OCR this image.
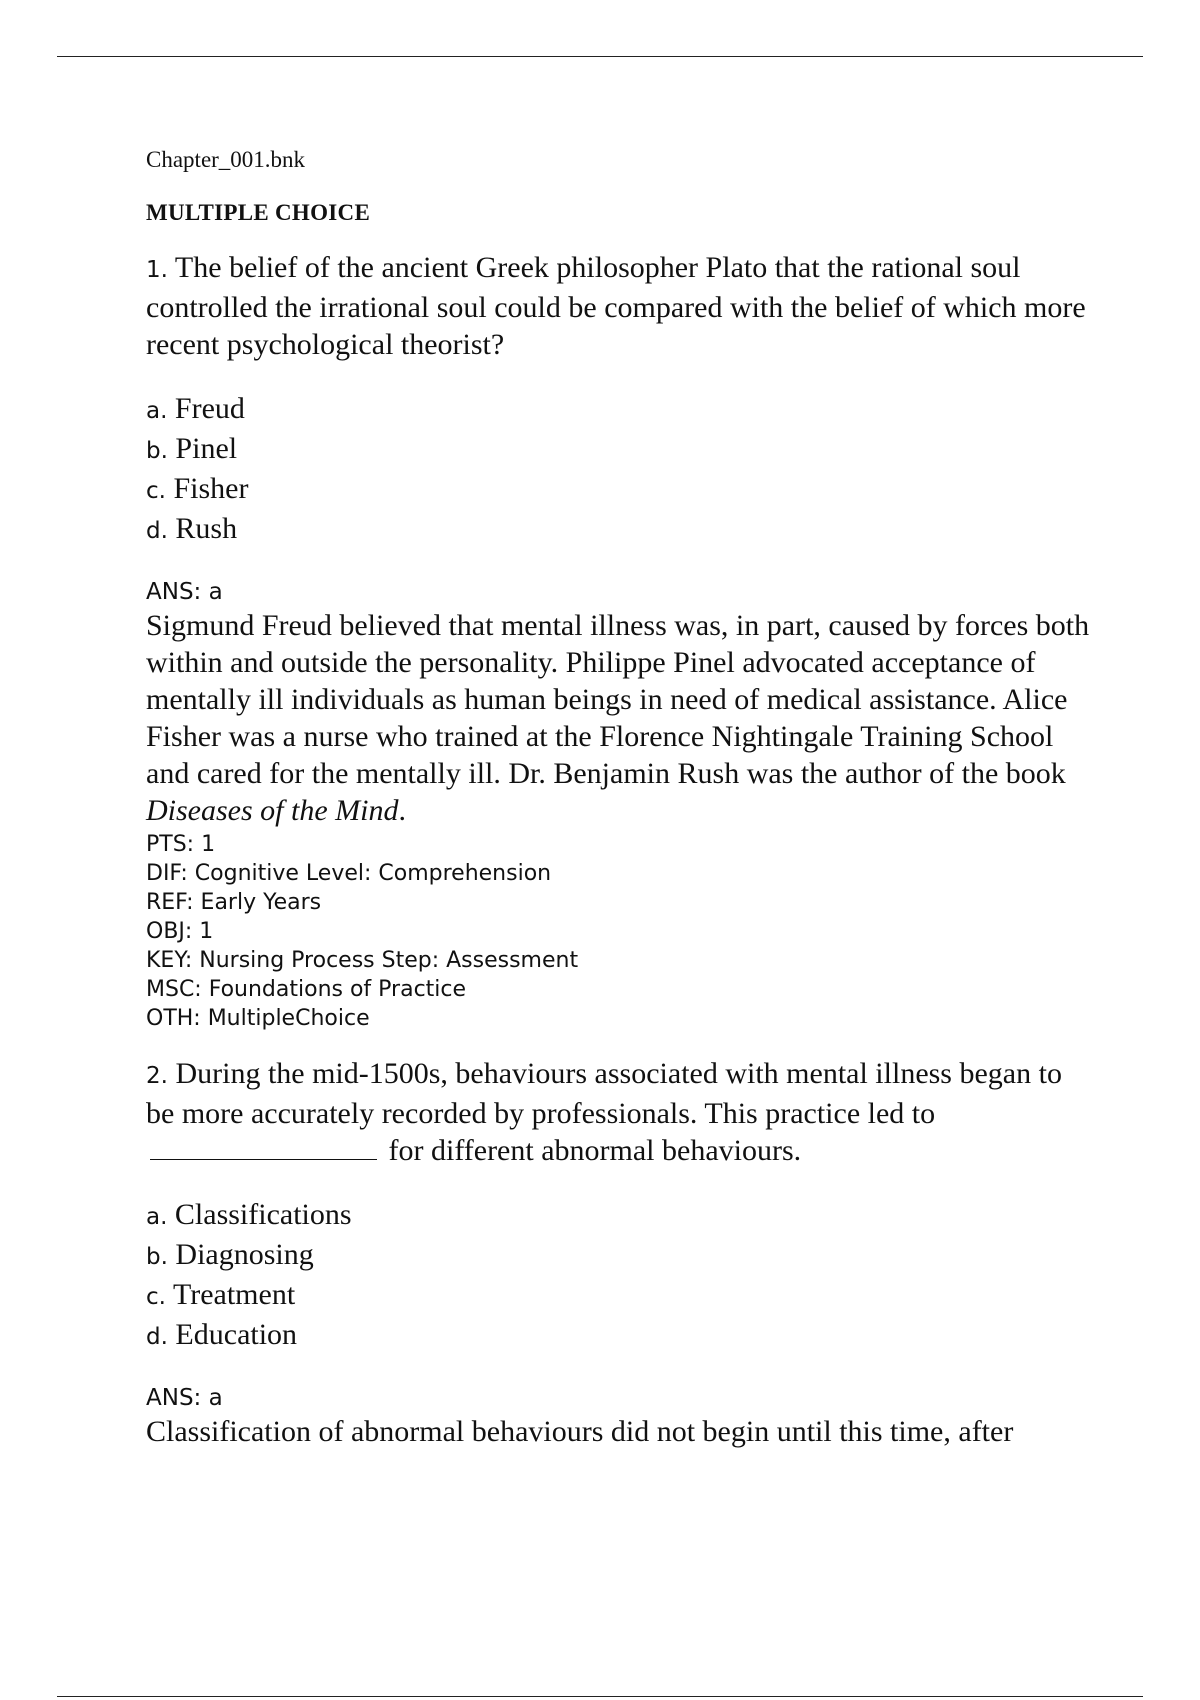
Chapter_001.bnk
MULTIPLE CHOICE

1. The belief of the ancient Greek philosopher Plato that the rational soul controlled the irrational soul could be compared with the belief of which more recent psychological theorist?

a. Freud
b. Pinel
c. Fisher
d. Rush
ANS: a

Sigmund Freud believed that mental illness was, in part, caused by forces both within and outside the personality. Philippe Pinel advocated acceptance of mentally ill individuals as human beings in need of medical assistance. Alice Fisher was a nurse who trained at the Florence Nightingale Training School and cared for the mentally ill. Dr. Benjamin Rush was the author of the book Diseases of the Mind.

PTS: 1
DIF: Cognitive Level: Comprehension
REF: Early Years
OBJ: 1
KEY: Nursing Process Step: Assessment
MSC: Foundations of Practice
OTH: MultipleChoice

2. During the mid-1500s, behaviours associated with mental illness began to be more accurately recorded by professionals. This practice led to  for different abnormal behaviours.

a. Classifications
b. Diagnosing
c. Treatment
d. Education
ANS: a

Classification of abnormal behaviours did not begin until this time, after
